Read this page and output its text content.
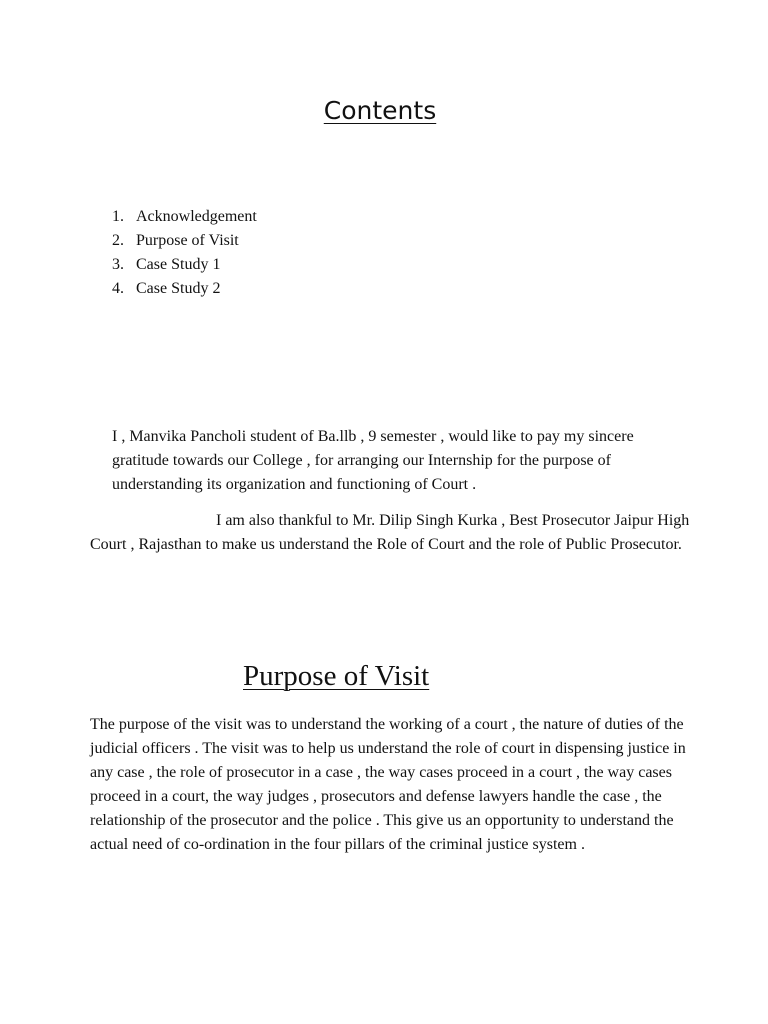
Contents
1. Acknowledgement
2. Purpose of Visit
3. Case Study 1
4. Case Study 2

I , Manvika Pancholi student of Ba.llb , 9 semester , would like to pay my sincere gratitude towards our College , for arranging our Internship for the purpose of understanding its organization and functioning of Court .

I am also thankful to Mr. Dilip Singh Kurka , Best Prosecutor Jaipur High Court , Rajasthan to make us understand the Role of Court and the role of Public Prosecutor.

Purpose of Visit

The purpose of the visit was to understand the working of a court , the nature of duties of the judicial officers . The visit was to help us understand the role of court in dispensing justice in any case , the role of prosecutor in a case , the way cases proceed in a court , the way cases proceed in a court, the way judges , prosecutors and defense lawyers handle the case , the relationship of the prosecutor and the police . This give us an opportunity to understand the actual need of co-ordination in the four pillars of the criminal justice system .
